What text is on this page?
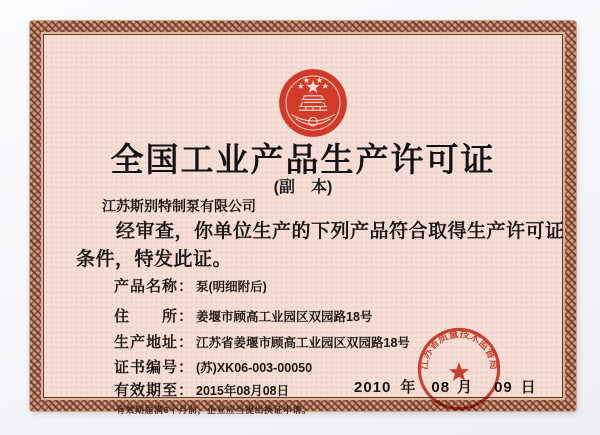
全国工业产品生产许可证
(副　本)
江苏斯别特制泵有限公司
经审查，你单位生产的下列产品符合取得生产许可证
条件，特发此证。
产品名称： 泵(明细附后)
住　　所： 姜堰市顾高工业园区双园路18号
生产地址： 江苏省姜堰市顾高工业园区双园路18号
证书编号： (苏)XK06-003-00050
有效期至： 2015年08月08日
有效期届满6个月前，企业应当提出换证申请。
2010 年 08 月 09 日
江苏省质量技术监督局
